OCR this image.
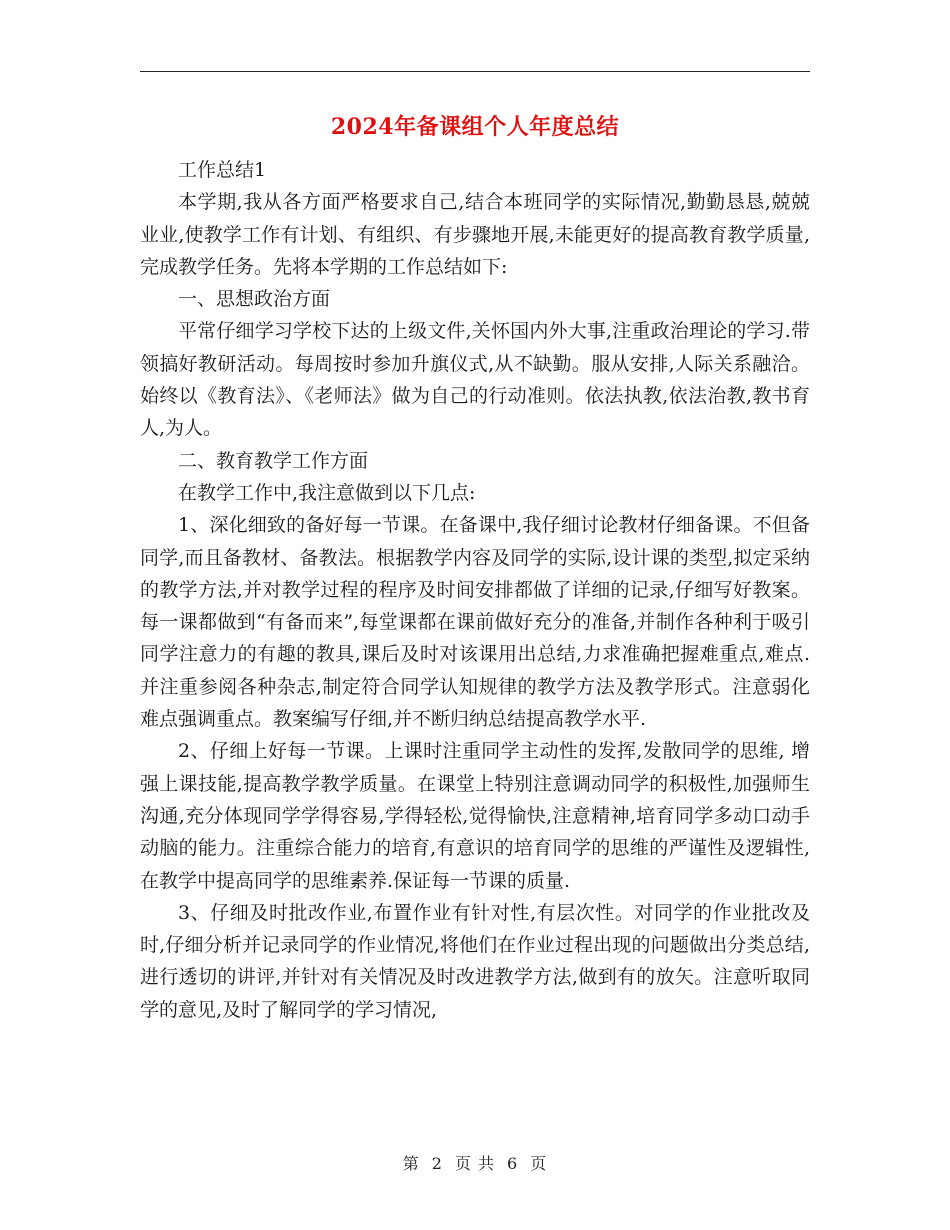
2024年备课组个人年度总结

工作总结1

本学期,我从各方面严格要求自己,结合本班同学的实际情况,勤勤恳恳,兢兢业业,使教学工作有计划、有组织、有步骤地开展,未能更好的提高教育教学质量,完成教学任务。先将本学期的工作总结如下:

一、思想政治方面

平常仔细学习学校下达的上级文件,关怀国内外大事,注重政治理论的学习.带领搞好教研活动。每周按时参加升旗仪式,从不缺勤。服从安排,人际关系融洽。始终以《教育法》、《老师法》做为自己的行动准则。依法执教,依法治教,教书育人,为人。

二、教育教学工作方面

在教学工作中,我注意做到以下几点:

1、深化细致的备好每一节课。在备课中,我仔细讨论教材仔细备课。不但备同学,而且备教材、备教法。根据教学内容及同学的实际,设计课的类型,拟定采纳的教学方法,并对教学过程的程序及时间安排都做了详细的记录,仔细写好教案。每一课都做到“有备而来”,每堂课都在课前做好充分的准备,并制作各种利于吸引同学注意力的有趣的教具,课后及时对该课用出总结,力求准确把握难重点,难点.并注重参阅各种杂志,制定符合同学认知规律的教学方法及教学形式。注意弱化难点强调重点。教案编写仔细,并不断归纳总结提高教学水平.

2、仔细上好每一节课。上课时注重同学主动性的发挥,发散同学的思维, 增强上课技能,提高教学教学质量。在课堂上特别注意调动同学的积极性,加强师生沟通,充分体现同学学得容易,学得轻松,觉得愉快,注意精神,培育同学多动口动手动脑的能力。注重综合能力的培育,有意识的培育同学的思维的严谨性及逻辑性,在教学中提高同学的思维素养.保证每一节课的质量.

3、仔细及时批改作业,布置作业有针对性,有层次性。对同学的作业批改及时,仔细分析并记录同学的作业情况,将他们在作业过程出现的问题做出分类总结,进行透切的讲评,并针对有关情况及时改进教学方法,做到有的放矢。注意听取同学的意见,及时了解同学的学习情况,

第 2 页 共 6 页
